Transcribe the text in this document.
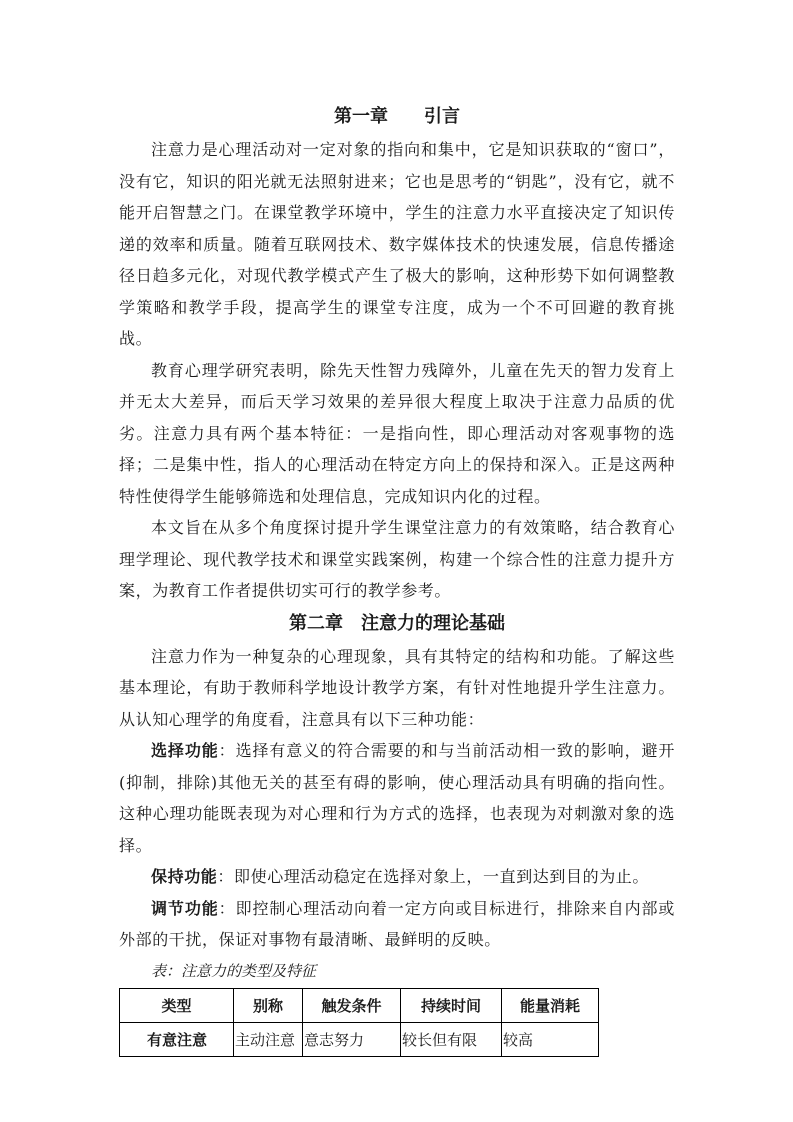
第一章　　引言

注意力是心理活动对一定对象的指向和集中，它是知识获取的“窗口”，没有它，知识的阳光就无法照射进来；它也是思考的“钥匙”，没有它，就不能开启智慧之门。在课堂教学环境中，学生的注意力水平直接决定了知识传递的效率和质量。随着互联网技术、数字媒体技术的快速发展，信息传播途径日趋多元化，对现代教学模式产生了极大的影响，这种形势下如何调整教学策略和教学手段，提高学生的课堂专注度，成为一个不可回避的教育挑战。

教育心理学研究表明，除先天性智力残障外，儿童在先天的智力发育上并无太大差异，而后天学习效果的差异很大程度上取决于注意力品质的优劣。注意力具有两个基本特征：一是指向性，即心理活动对客观事物的选择；二是集中性，指人的心理活动在特定方向上的保持和深入。正是这两种特性使得学生能够筛选和处理信息，完成知识内化的过程。

本文旨在从多个角度探讨提升学生课堂注意力的有效策略，结合教育心理学理论、现代教学技术和课堂实践案例，构建一个综合性的注意力提升方案，为教育工作者提供切实可行的教学参考。

第二章　注意力的理论基础

注意力作为一种复杂的心理现象，具有其特定的结构和功能。了解这些基本理论，有助于教师科学地设计教学方案，有针对性地提升学生注意力。从认知心理学的角度看，注意具有以下三种功能：

选择功能：选择有意义的符合需要的和与当前活动相一致的影响，避开(抑制，排除)其他无关的甚至有碍的影响，使心理活动具有明确的指向性。这种心理功能既表现为对心理和行为方式的选择，也表现为对刺激对象的选择。

保持功能：即使心理活动稳定在选择对象上，一直到达到目的为止。

调节功能：即控制心理活动向着一定方向或目标进行，排除来自内部或外部的干扰，保证对事物有最清晰、最鲜明的反映。

表：注意力的类型及特征

类型	别称	触发条件	持续时间	能量消耗
有意注意	主动注意	意志努力	较长但有限	较高
